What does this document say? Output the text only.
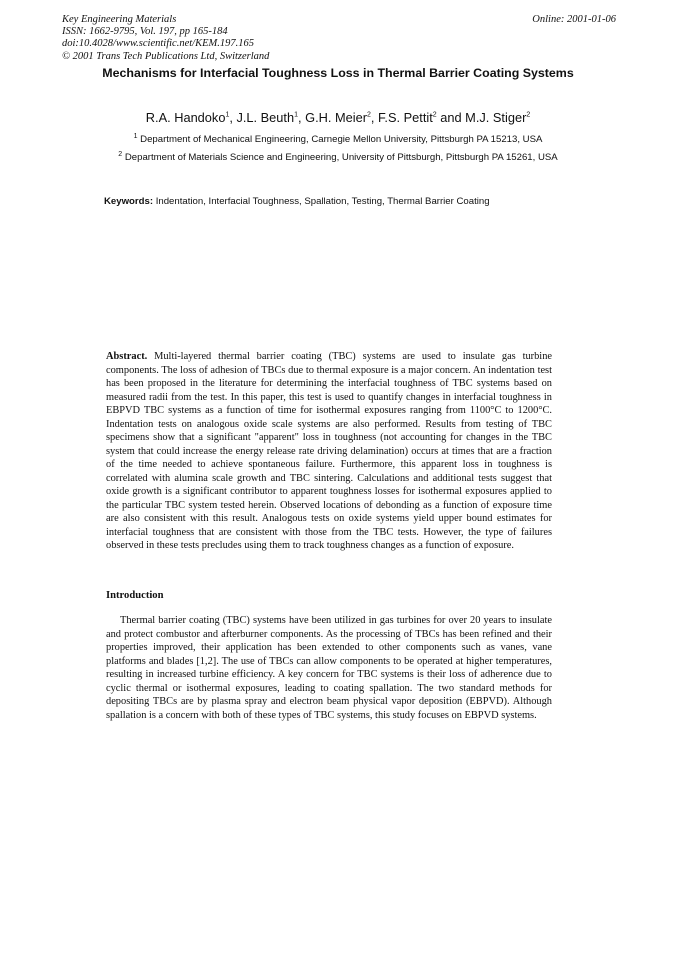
Key Engineering Materials
ISSN: 1662-9795, Vol. 197, pp 165-184
doi:10.4028/www.scientific.net/KEM.197.165
© 2001 Trans Tech Publications Ltd, Switzerland
Online: 2001-01-06
Mechanisms for Interfacial Toughness Loss in Thermal Barrier Coating Systems
R.A. Handoko$^1$, J.L. Beuth$^1$, G.H. Meier$^2$, F.S. Pettit$^2$ and M.J. Stiger$^2$
$^1$ Department of Mechanical Engineering, Carnegie Mellon University, Pittsburgh PA 15213, USA
$^2$ Department of Materials Science and Engineering, University of Pittsburgh, Pittsburgh PA 15261, USA
Keywords: Indentation, Interfacial Toughness, Spallation, Testing, Thermal Barrier Coating

Abstract. Multi-layered thermal barrier coating (TBC) systems are used to insulate gas turbine components. The loss of adhesion of TBCs due to thermal exposure is a major concern. An indentation test has been proposed in the literature for determining the interfacial toughness of TBC systems based on measured radii from the test. In this paper, this test is used to quantify changes in interfacial toughness in EBPVD TBC systems as a function of time for isothermal exposures ranging from 1100°C to 1200°C. Indentation tests on analogous oxide scale systems are also performed. Results from testing of TBC specimens show that a significant "apparent" loss in toughness (not accounting for changes in the TBC system that could increase the energy release rate driving delamination) occurs at times that are a fraction of the time needed to achieve spontaneous failure. Furthermore, this apparent loss in toughness is correlated with alumina scale growth and TBC sintering. Calculations and additional tests suggest that oxide growth is a significant contributor to apparent toughness losses for isothermal exposures applied to the particular TBC system tested herein. Observed locations of debonding as a function of exposure time are also consistent with this result. Analogous tests on oxide systems yield upper bound estimates for interfacial toughness that are consistent with those from the TBC tests. However, the type of failures observed in these tests precludes using them to track toughness changes as a function of exposure.

Introduction

Thermal barrier coating (TBC) systems have been utilized in gas turbines for over 20 years to insulate and protect combustor and afterburner components. As the processing of TBCs has been refined and their properties improved, their application has been extended to other components such as vanes, vane platforms and blades [1,2]. The use of TBCs can allow components to be operated at higher temperatures, resulting in increased turbine efficiency. A key concern for TBC systems is their loss of adherence due to cyclic thermal or isothermal exposures, leading to coating spallation. The two standard methods for depositing TBCs are by plasma spray and electron beam physical vapor deposition (EBPVD). Although spallation is a concern with both of these types of TBC systems, this study focuses on EBPVD systems.
